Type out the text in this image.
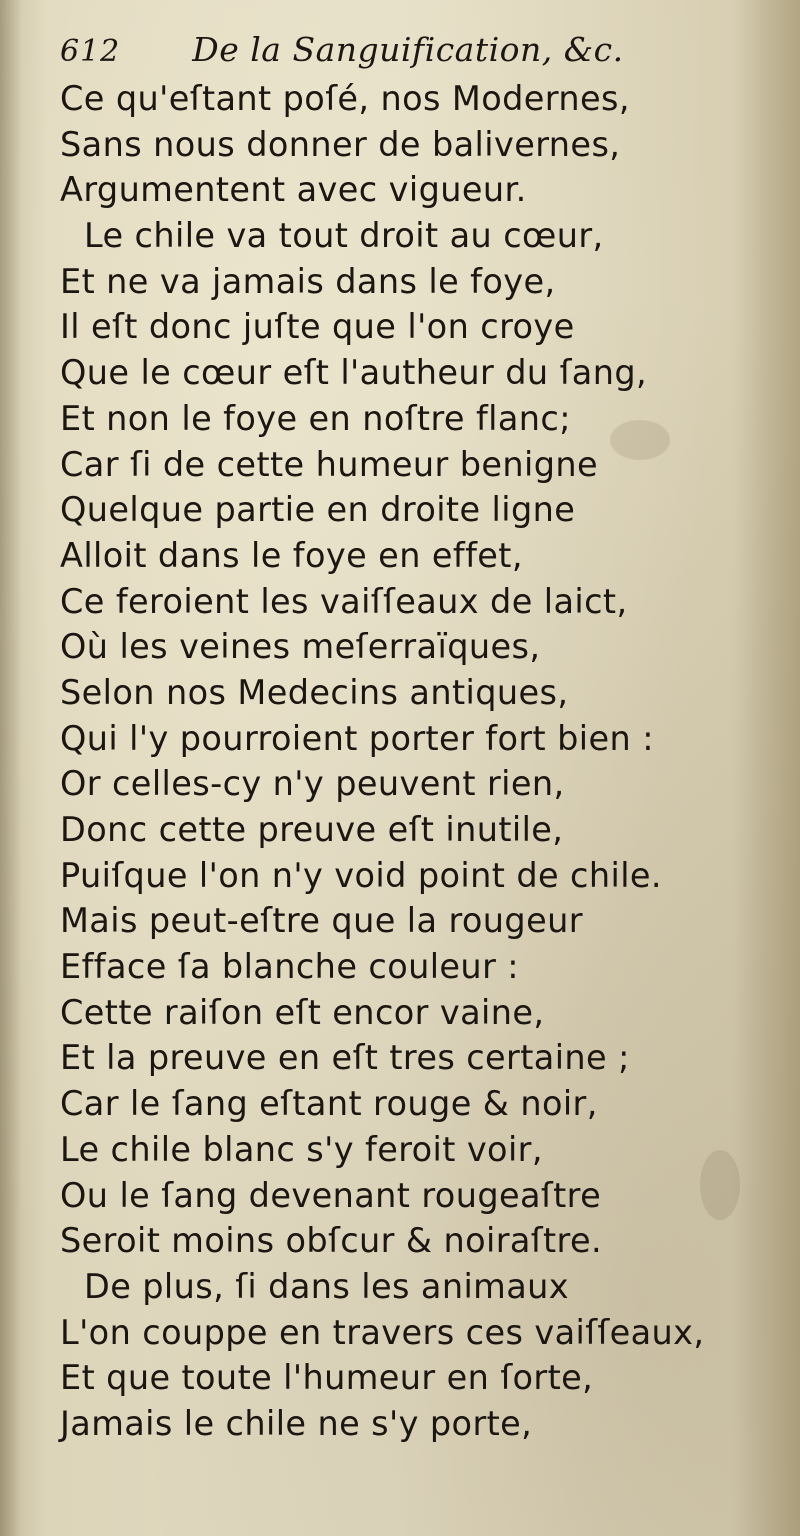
612 De la Sanguification, &c.
Ce qu'eſtant poſé, nos Modernes,
Sans nous donner de balivernes,
Argumentent avec vigueur.
Le chile va tout droit au cœur,
Et ne va jamais dans le foye,
Il eſt donc juſte que l'on croye
Que le cœur eſt l'autheur du ſang,
Et non le foye en noſtre flanc;
Car ſi de cette humeur benigne
Quelque partie en droite ligne
Alloit dans le foye en effet,
Ce feroient les vaiſſeaux de laict,
Où les veines meſerraïques,
Selon nos Medecins antiques,
Qui l'y pourroient porter fort bien :
Or celles-cy n'y peuvent rien,
Donc cette preuve eſt inutile,
Puiſque l'on n'y void point de chile.
Mais peut-eſtre que la rougeur
Efface ſa blanche couleur :
Cette raiſon eſt encor vaine,
Et la preuve en eſt tres certaine ;
Car le ſang eſtant rouge & noir,
Le chile blanc s'y feroit voir,
Ou le ſang devenant rougeaſtre
Seroit moins obſcur & noiraſtre.
De plus, ſi dans les animaux
L'on couppe en travers ces vaiſſeaux,
Et que toute l'humeur en ſorte,
Jamais le chile ne s'y porte,
